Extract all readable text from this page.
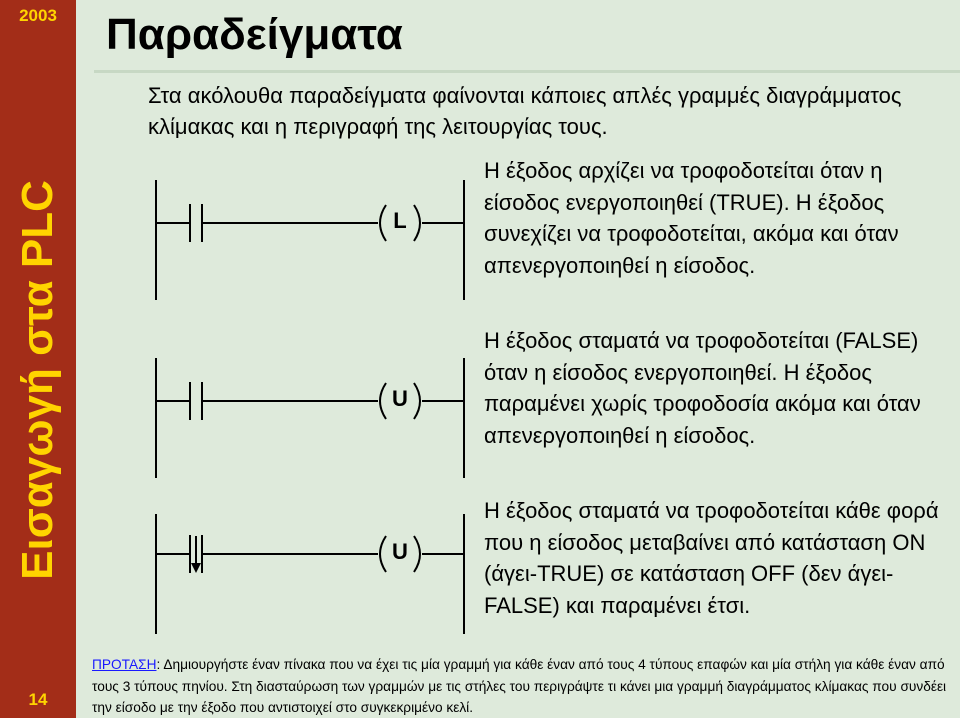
2003
Εισαγωγή στα PLC
14
Παραδείγματα

Στα ακόλουθα παραδείγματα φαίνονται κάποιες απλές γραμμές διαγράμματος κλίμακας και η περιγραφή της λειτουργίας τους.

L
U
U

Η έξοδος αρχίζει να τροφοδοτείται όταν η είσοδος ενεργοποιηθεί (TRUE). Η έξοδος συνεχίζει να τροφοδοτείται, ακόμα και όταν απενεργοποιηθεί η είσοδος.

Η έξοδος σταματά να τροφοδοτείται (FALSE) όταν η είσοδος ενεργοποιηθεί. Η έξοδος παραμένει χωρίς τροφοδοσία ακόμα και όταν απενεργοποιηθεί η είσοδος.

Η έξοδος σταματά να τροφοδοτείται κάθε φορά που η είσοδος μεταβαίνει από κατάσταση ON (άγει-TRUE) σε κατάσταση OFF (δεν άγει-FALSE) και παραμένει έτσι.

ΠΡΟΤΑΣΗ: Δημιουργήστε έναν πίνακα που να έχει τις μία γραμμή για κάθε έναν από τους 4 τύπους επαφών και μία στήλη για κάθε έναν από τους 3 τύπους πηνίου. Στη διασταύρωση των γραμμών με τις στήλες του περιγράψτε τι κάνει μια γραμμή διαγράμματος κλίμακας που συνδέει την είσοδο με την έξοδο που αντιστοιχεί στο συγκεκριμένο κελί.
